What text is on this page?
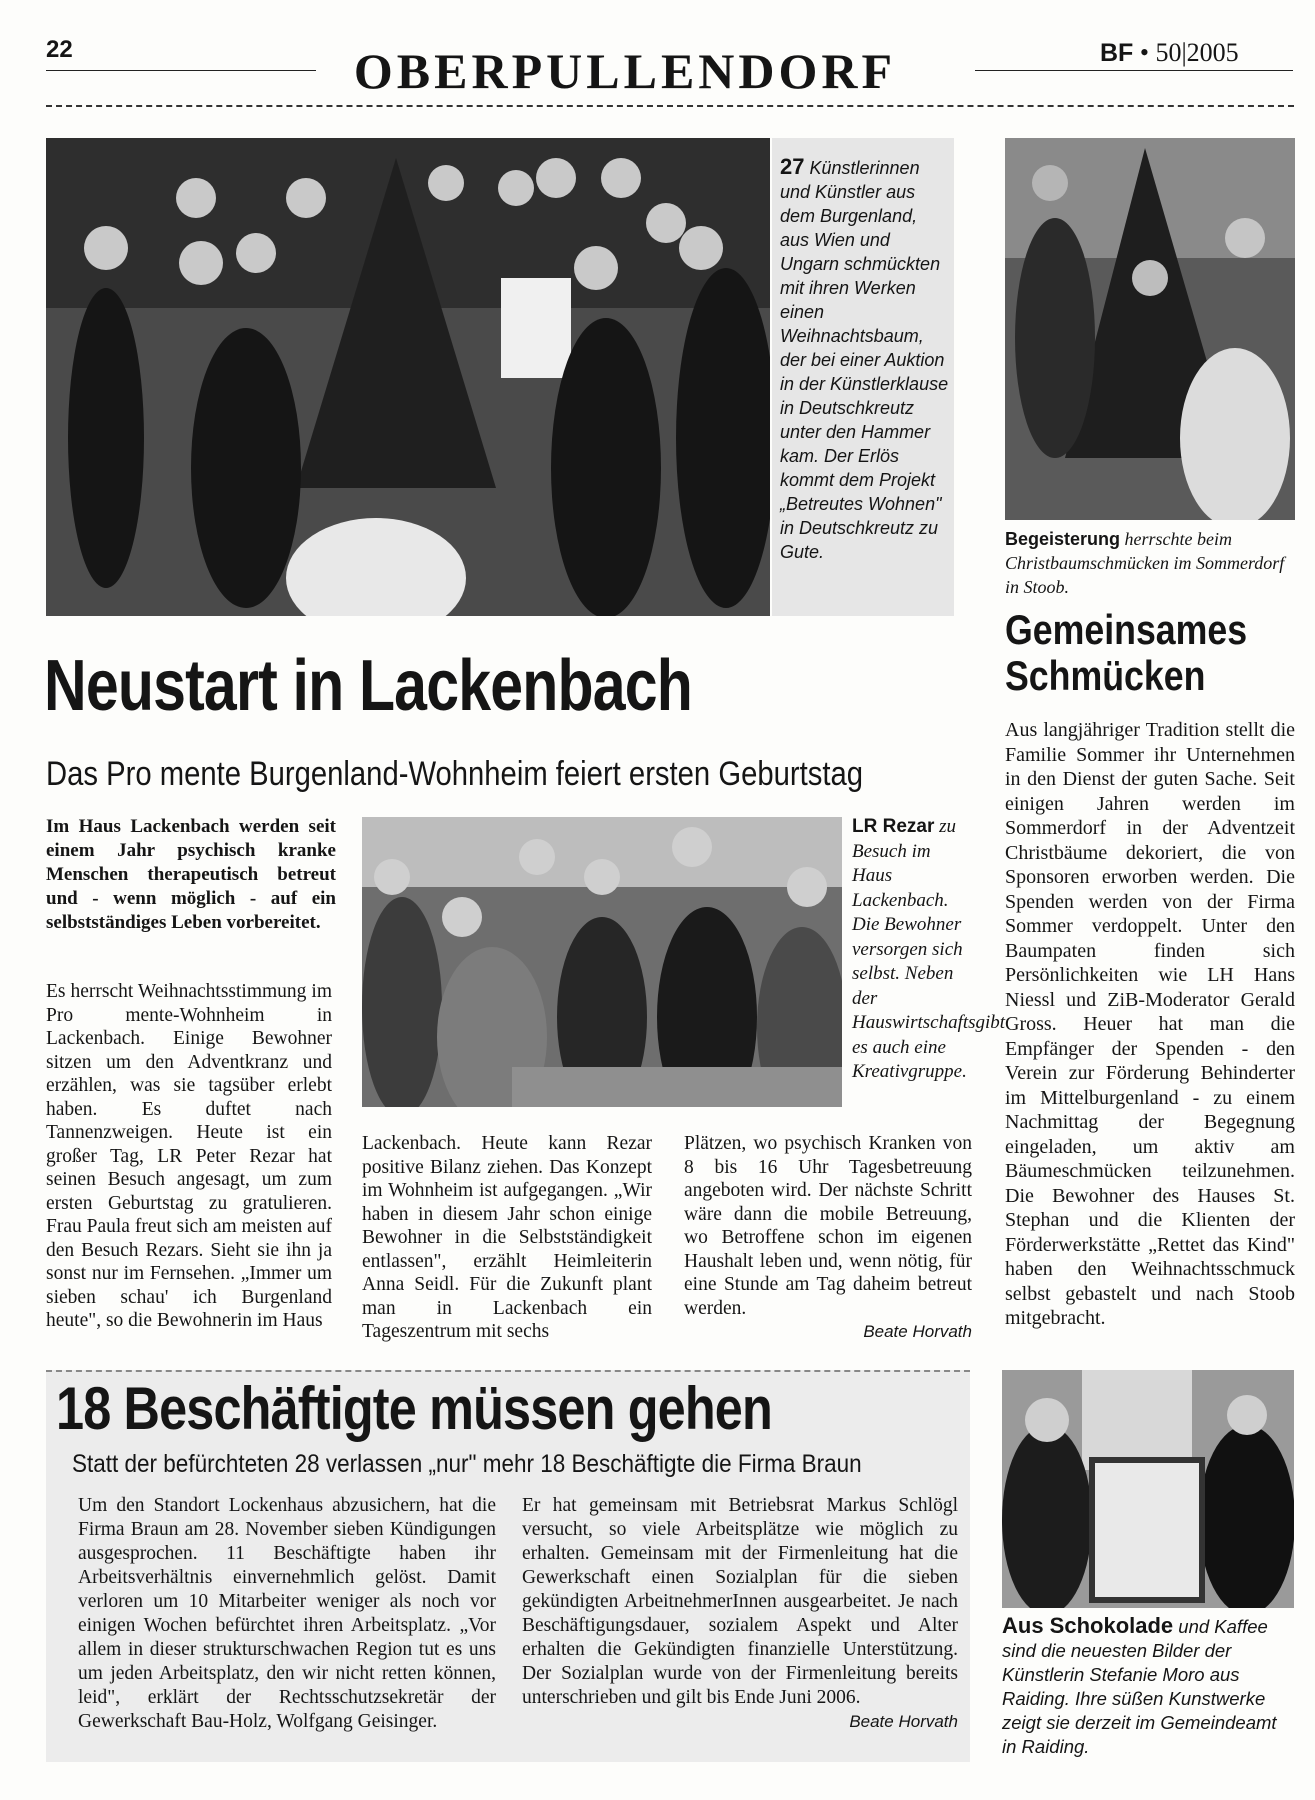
22	OBERPULLENDORF	BF • 50|2005
27 Künstlerinnen und Künstler aus dem Burgenland, aus Wien und Ungarn schmückten mit ihren Werken einen Weihnachtsbaum, der bei einer Auktion in der Künstlerklause in Deutschkreutz unter den Hammer kam. Der Erlös kommt dem Projekt „Betreutes Wohnen" in Deutschkreutz zu Gute.
Begeisterung herrschte beim Christbaumschmücken im Sommerdorf in Stoob.
Neustart in Lackenbach
Das Pro mente Burgenland-Wohnheim feiert ersten Geburtstag
Im Haus Lackenbach werden seit einem Jahr psychisch kranke Menschen therapeutisch betreut und - wenn möglich - auf ein selbstständiges Leben vorbereitet.
Es herrscht Weihnachtsstimmung im Pro mente-Wohnheim in Lackenbach. Einige Bewohner sitzen um den Adventkranz und erzählen, was sie tagsüber erlebt haben. Es duftet nach Tannenzweigen. Heute ist ein großer Tag, LR Peter Rezar hat seinen Besuch angesagt, um zum ersten Geburtstag zu gratulieren. Frau Paula freut sich am meisten auf den Besuch Rezars. Sieht sie ihn ja sonst nur im Fernsehen. „Immer um sieben schau' ich Burgenland heute", so die Bewohnerin im Haus
LR Rezar zu Besuch im Haus Lackenbach. Die Bewohner versorgen sich selbst. Neben der Hauswirtschaftsgibt es auch eine Kreativgruppe.
Lackenbach. Heute kann Rezar positive Bilanz ziehen. Das Konzept im Wohnheim ist aufgegangen. „Wir haben in diesem Jahr schon einige Bewohner in die Selbstständigkeit entlassen", erzählt Heimleiterin Anna Seidl. Für die Zukunft plant man in Lackenbach ein Tageszentrum mit sechs
Plätzen, wo psychisch Kranken von 8 bis 16 Uhr Tagesbetreuung angeboten wird. Der nächste Schritt wäre dann die mobile Betreuung, wo Betroffene schon im eigenen Haushalt leben und, wenn nötig, für eine Stunde am Tag daheim betreut werden.
Beate Horvath
Gemeinsames
Schmücken
Aus langjähriger Tradition stellt die Familie Sommer ihr Unternehmen in den Dienst der guten Sache. Seit einigen Jahren werden im Sommerdorf in der Adventzeit Christbäume dekoriert, die von Sponsoren erworben werden. Die Spenden werden von der Firma Sommer verdoppelt. Unter den Baumpaten finden sich Persönlichkeiten wie LH Hans Niessl und ZiB-Moderator Gerald Gross. Heuer hat man die Empfänger der Spenden - den Verein zur Förderung Behinderter im Mittelburgenland - zu einem Nachmittag der Begegnung eingeladen, um aktiv am Bäumeschmücken teilzunehmen. Die Bewohner des Hauses St. Stephan und die Klienten der Förderwerkstätte „Rettet das Kind" haben den Weihnachtsschmuck selbst gebastelt und nach Stoob mitgebracht.
18 Beschäftigte müssen gehen
Statt der befürchteten 28 verlassen „nur" mehr 18 Beschäftigte die Firma Braun
Um den Standort Lockenhaus abzusichern, hat die Firma Braun am 28. November sieben Kündigungen ausgesprochen. 11 Beschäftigte haben ihr Arbeitsverhältnis einvernehmlich gelöst. Damit verloren um 10 Mitarbeiter weniger als noch vor einigen Wochen befürchtet ihren Arbeitsplatz. „Vor allem in dieser strukturschwachen Region tut es uns um jeden Arbeitsplatz, den wir nicht retten können, leid", erklärt der Rechtsschutzsekretär der Gewerkschaft Bau-Holz, Wolfgang Geisinger.
Er hat gemeinsam mit Betriebsrat Markus Schlögl versucht, so viele Arbeitsplätze wie möglich zu erhalten. Gemeinsam mit der Firmenleitung hat die Gewerkschaft einen Sozialplan für die sieben gekündigten ArbeitnehmerInnen ausgearbeitet. Je nach Beschäftigungsdauer, sozialem Aspekt und Alter erhalten die Gekündigten finanzielle Unterstützung. Der Sozialplan wurde von der Firmenleitung bereits unterschrieben und gilt bis Ende Juni 2006.
Beate Horvath
Aus Schokolade und Kaffee sind die neuesten Bilder der Künstlerin Stefanie Moro aus Raiding. Ihre süßen Kunstwerke zeigt sie derzeit im Gemeindeamt in Raiding.
